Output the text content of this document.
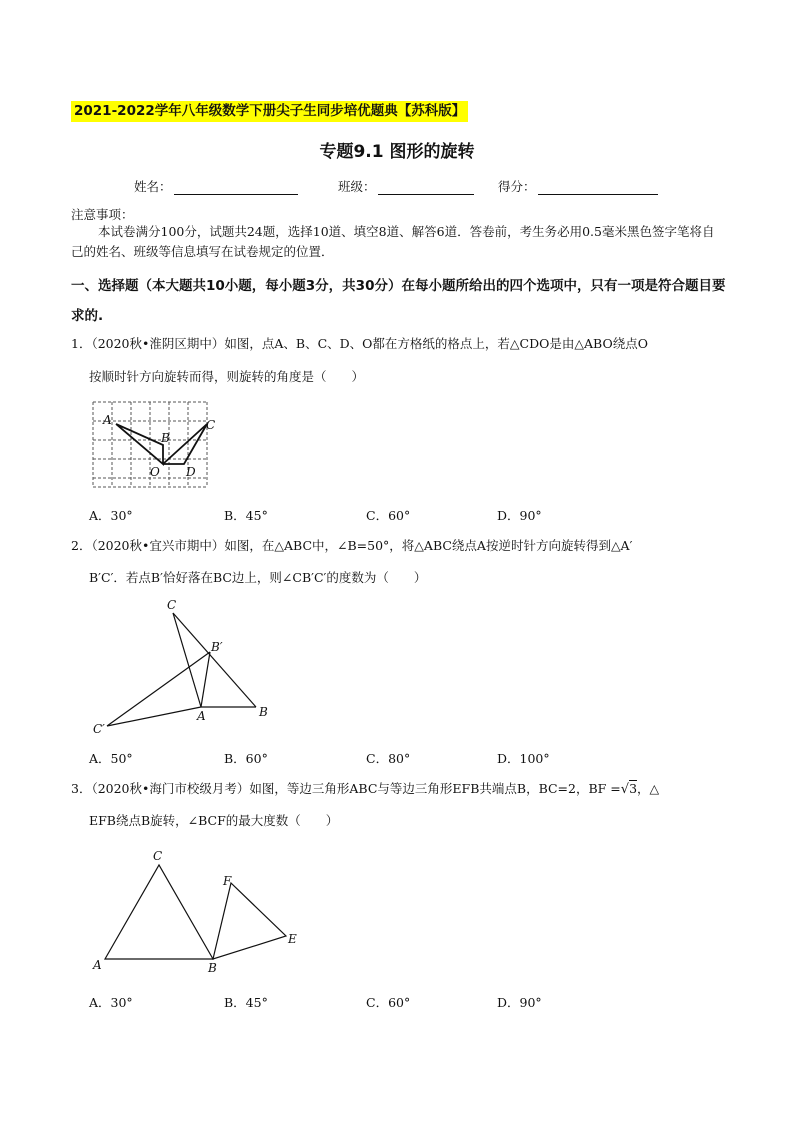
2021-2022学年八年级数学下册尖子生同步培优题典【苏科版】
专题9.1 图形的旋转
姓名：	班级：	得分：
注意事项：
本试卷满分100分，试题共24题，选择10道、填空8道、解答6道．答卷前，考生务必用0.5毫米黑色签字笔将自己的姓名、班级等信息填写在试卷规定的位置．
一、选择题（本大题共10小题，每小题3分，共30分）在每小题所给出的四个选项中，只有一项是符合题目要求的.
1．（2020秋•淮阴区期中）如图，点A、B、C、D、O都在方格纸的格点上，若△CDO是由△ABO绕点O
按顺时针方向旋转而得，则旋转的角度是（　　）
A
B
C
O D
A．30°	B．45°	C．60°	D．90°
2．（2020秋•宜兴市期中）如图，在△ABC中，∠B=50°，将△ABC绕点A按逆时针方向旋转得到△A′
B′C′．若点B′恰好落在BC边上，则∠CB′C′的度数为（　　）
C
B′
A	B
C′
A．50°	B．60°	C．80°	D．100°
3．（2020秋•海门市校级月考）如图，等边三角形ABC与等边三角形EFB共端点B，BC=2，BF =√3，△
EFB绕点B旋转，∠BCF的最大度数（　　）
C
F
E
A	B
A．30°	B．45°	C．60°	D．90°
